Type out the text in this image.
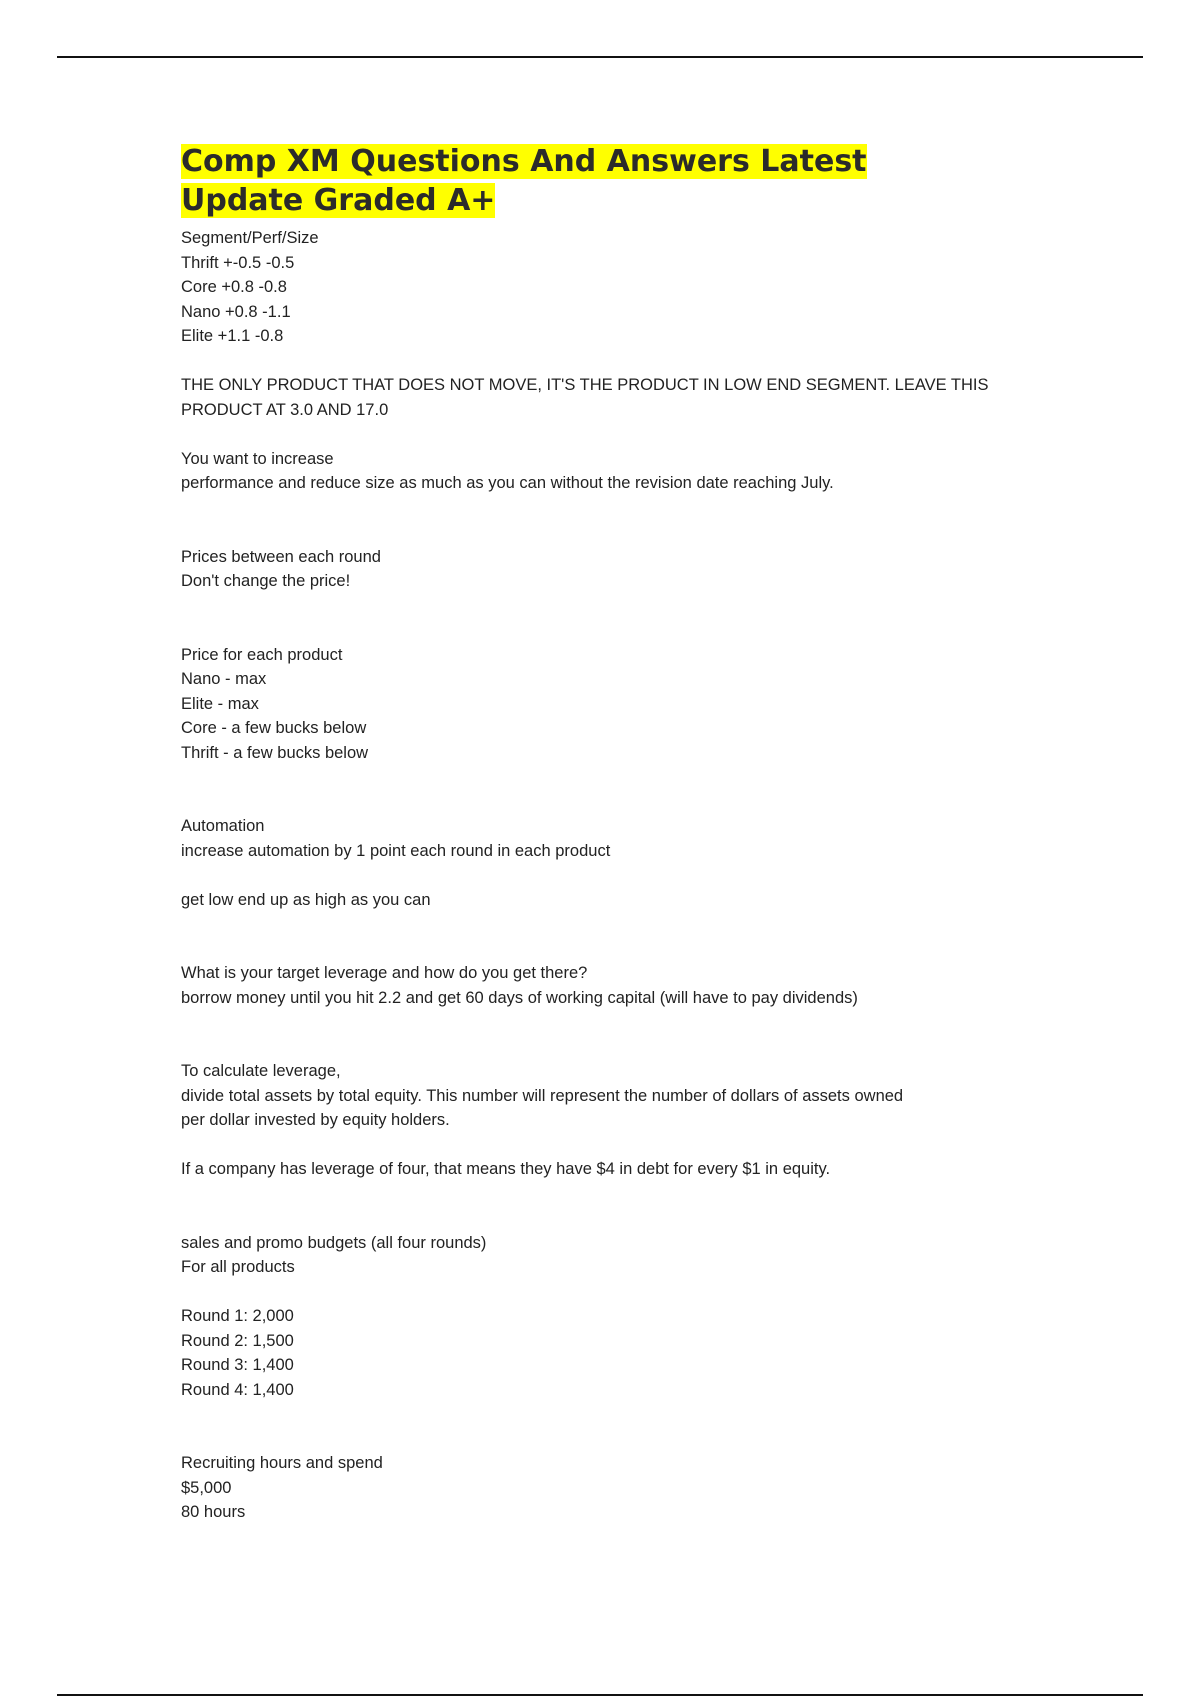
Comp XM Questions And Answers Latest
Update Graded A+
Segment/Perf/Size
Thrift +-0.5 -0.5
Core +0.8 -0.8
Nano +0.8 -1.1
Elite +1.1 -0.8
THE ONLY PRODUCT THAT DOES NOT MOVE, IT'S THE PRODUCT IN LOW END SEGMENT. LEAVE THIS
PRODUCT AT 3.0 AND 17.0
You want to increase
performance and reduce size as much as you can without the revision date reaching July.
Prices between each round
Don't change the price!
Price for each product
Nano - max
Elite - max
Core - a few bucks below
Thrift - a few bucks below
Automation
increase automation by 1 point each round in each product
get low end up as high as you can
What is your target leverage and how do you get there?
borrow money until you hit 2.2 and get 60 days of working capital (will have to pay dividends)
To calculate leverage,
divide total assets by total equity. This number will represent the number of dollars of assets owned
per dollar invested by equity holders.
If a company has leverage of four, that means they have $4 in debt for every $1 in equity.
sales and promo budgets (all four rounds)
For all products
Round 1: 2,000
Round 2: 1,500
Round 3: 1,400
Round 4: 1,400
Recruiting hours and spend
$5,000
80 hours
